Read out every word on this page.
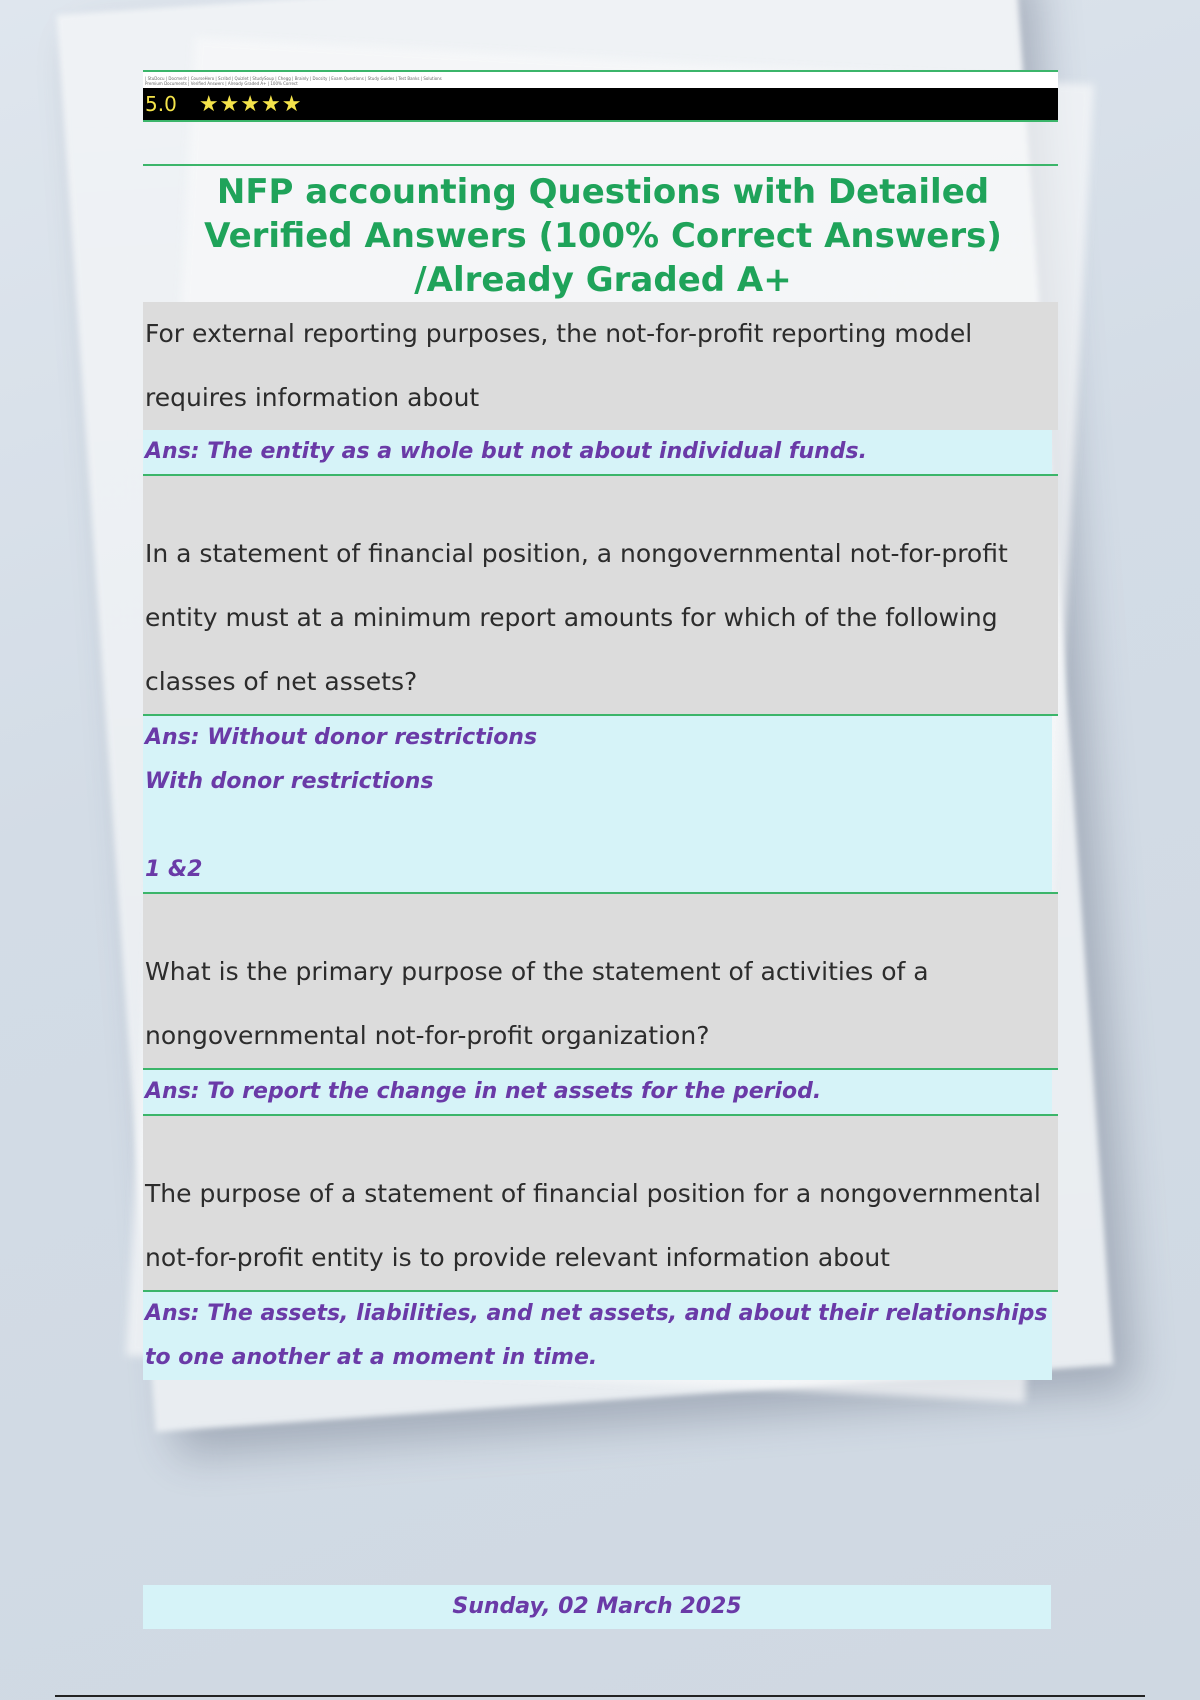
| StuDocu | Docmerit | CourseHero | Scribd | Quizlet | StudySoup | Chegg | Brainly | Docsity | Exam Questions | Study Guides | Test Banks | Solutions
Premium Documents | Verified Answers | Already Graded A+ | 100% Correct
5.0 ★★★★★
NFP accounting Questions with Detailed Verified Answers (100% Correct Answers) /Already Graded A+
For external reporting purposes, the not-for-profit reporting model requires information about
Ans: The entity as a whole but not about individual funds.
In a statement of financial position, a nongovernmental not-for-profit entity must at a minimum report amounts for which of the following classes of net assets?
Ans: Without donor restrictions
With donor restrictions
1 &2
What is the primary purpose of the statement of activities of a nongovernmental not-for-profit organization?
Ans: To report the change in net assets for the period.
The purpose of a statement of financial position for a nongovernmental not-for-profit entity is to provide relevant information about
Ans: The assets, liabilities, and net assets, and about their relationships to one another at a moment in time.
Sunday, 02 March 2025
